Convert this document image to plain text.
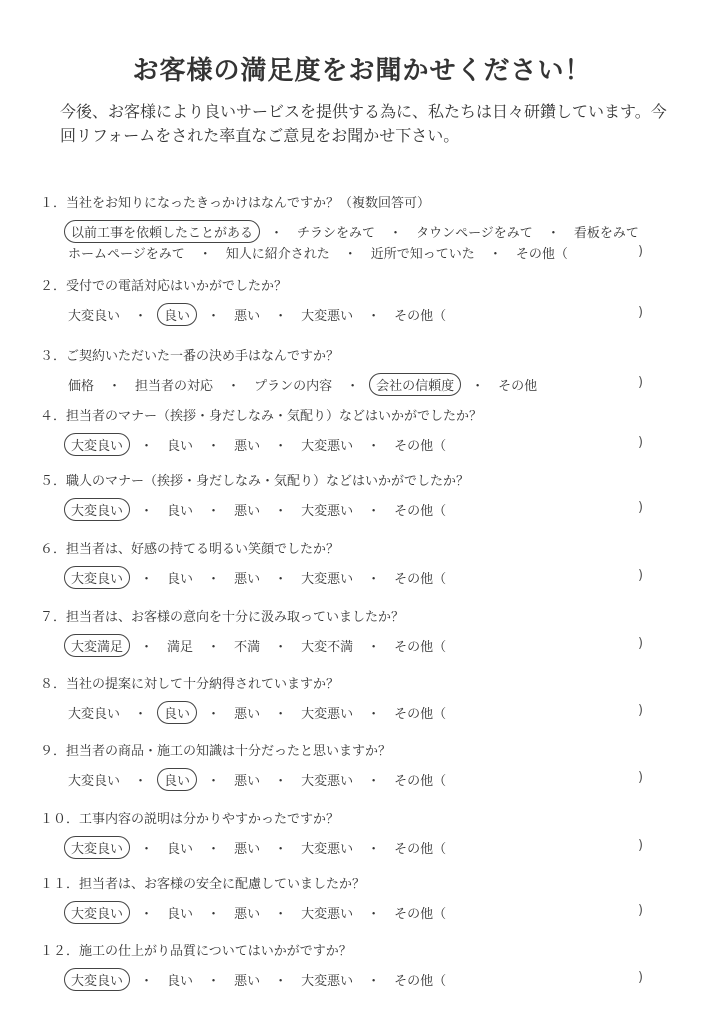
お客様の満足度をお聞かせください！
今後、お客様により良いサービスを提供する為に、私たちは日々研鑽しています。今回リフォームをされた率直なご意見をお聞かせ下さい。
１．当社をお知りになったきっかけはなんですか？（複数回答可）
以前工事を依頼したことがある ・ チラシをみて ・ タウンページをみて ・ 看板をみて
ホームページをみて ・ 知人に紹介された ・ 近所で知っていた ・ その他（	)
２．受付での電話対応はいかがでしたか？
大変良い ・ 良い ・ 悪い ・ 大変悪い ・ その他（	)
３．ご契約いただいた一番の決め手はなんですか？
価格 ・ 担当者の対応 ・ プランの内容 ・ 会社の信頼度 ・ その他	)
４．担当者のマナー（挨拶・身だしなみ・気配り）などはいかがでしたか？
大変良い ・ 良い ・ 悪い ・ 大変悪い ・ その他（	)
５．職人のマナー（挨拶・身だしなみ・気配り）などはいかがでしたか？
大変良い ・ 良い ・ 悪い ・ 大変悪い ・ その他（	)
６．担当者は、好感の持てる明るい笑顔でしたか？
大変良い ・ 良い ・ 悪い ・ 大変悪い ・ その他（	)
７．担当者は、お客様の意向を十分に汲み取っていましたか？
大変満足 ・ 満足 ・ 不満 ・ 大変不満 ・ その他（	)
８．当社の提案に対して十分納得されていますか？
大変良い ・ 良い ・ 悪い ・ 大変悪い ・ その他（	)
９．担当者の商品・施工の知識は十分だったと思いますか？
大変良い ・ 良い ・ 悪い ・ 大変悪い ・ その他（	)
１０．工事内容の説明は分かりやすかったですか？
大変良い ・ 良い ・ 悪い ・ 大変悪い ・ その他（	)
１１．担当者は、お客様の安全に配慮していましたか？
大変良い ・ 良い ・ 悪い ・ 大変悪い ・ その他（	)
１２．施工の仕上がり品質についてはいかがですか？
大変良い ・ 良い ・ 悪い ・ 大変悪い ・ その他（	)
